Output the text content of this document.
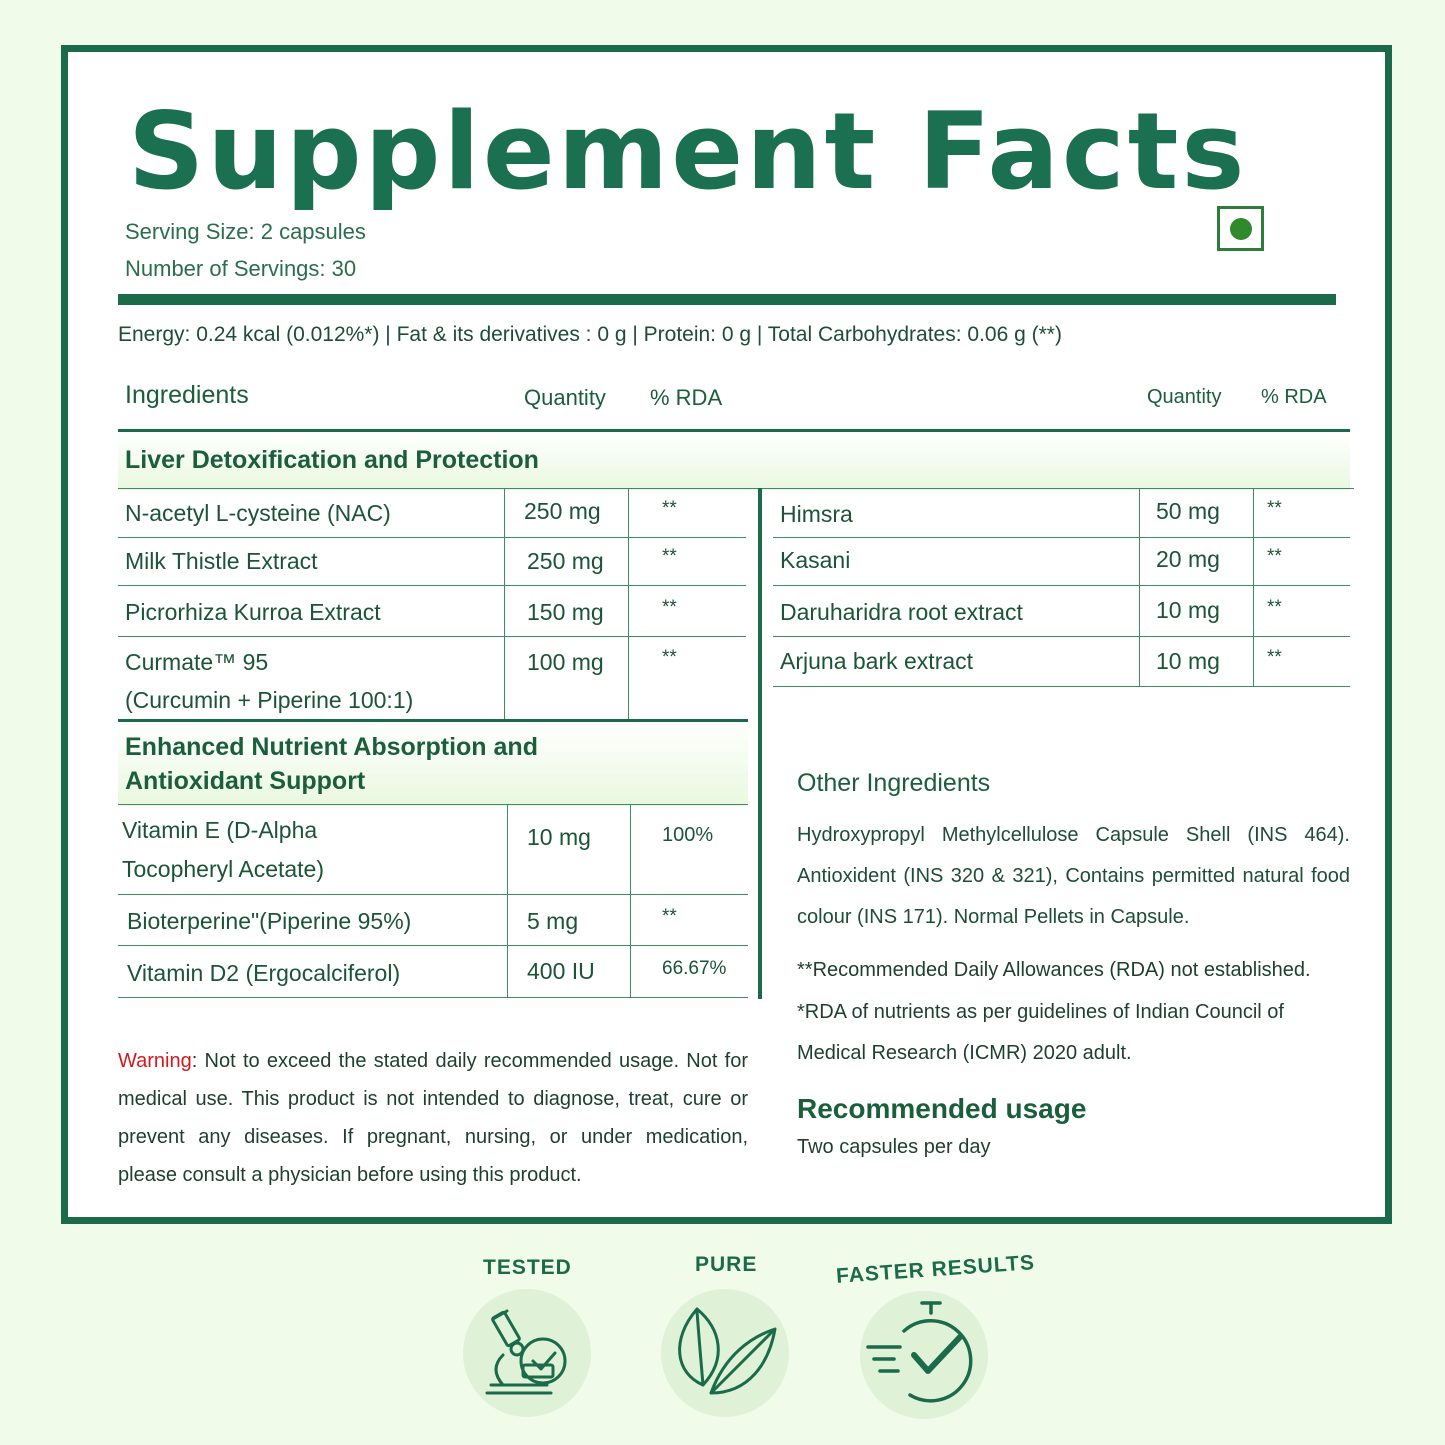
Supplement Facts
Serving Size: 2 capsules
Number of Servings: 30
Energy: 0.24 kcal (0.012%*) | Fat & its derivatives : 0 g | Protein: 0 g | Total Carbohydrates: 0.06 g (**)
Ingredients	Quantity % RDA	Quantity % RDA
Liver Detoxification and Protection
N-acetyl L-cysteine (NAC)	250 mg	**
Milk Thistle Extract	250 mg	**
Picrorhiza Kurroa Extract	150 mg	**
Curmate™ 95
(Curcumin + Piperine 100:1)
100 mg	**
Himsra	50 mg **
Kasani	20 mg **
Daruharidra root extract	10 mg **
Arjuna bark extract	10 mg **
Enhanced Nutrient Absorption and
Antioxidant Support
Vitamin E (D-Alpha
Tocopheryl Acetate)
10 mg	100%
Bioterperine"(Piperine 95%)	5 mg	**
Vitamin D2 (Ergocalciferol)	400 IU	66.67%
Warning: Not to exceed the stated daily recommended usage. Not for medical use. This product is not intended to diagnose, treat, cure or prevent any diseases. If pregnant, nursing, or under medication, please consult a physician before using this product.
Other Ingredients
Hydroxypropyl Methylcellulose Capsule Shell (INS 464). Antioxident (INS 320 & 321), Contains permitted natural food colour (INS 171). Normal Pellets in Capsule.
**Recommended Daily Allowances (RDA) not established.
*RDA of nutrients as per guidelines of Indian Council of
Medical Research (ICMR) 2020 adult.
Recommended usage
Two capsules per day
TESTED	PURE	FASTER RESULTS
